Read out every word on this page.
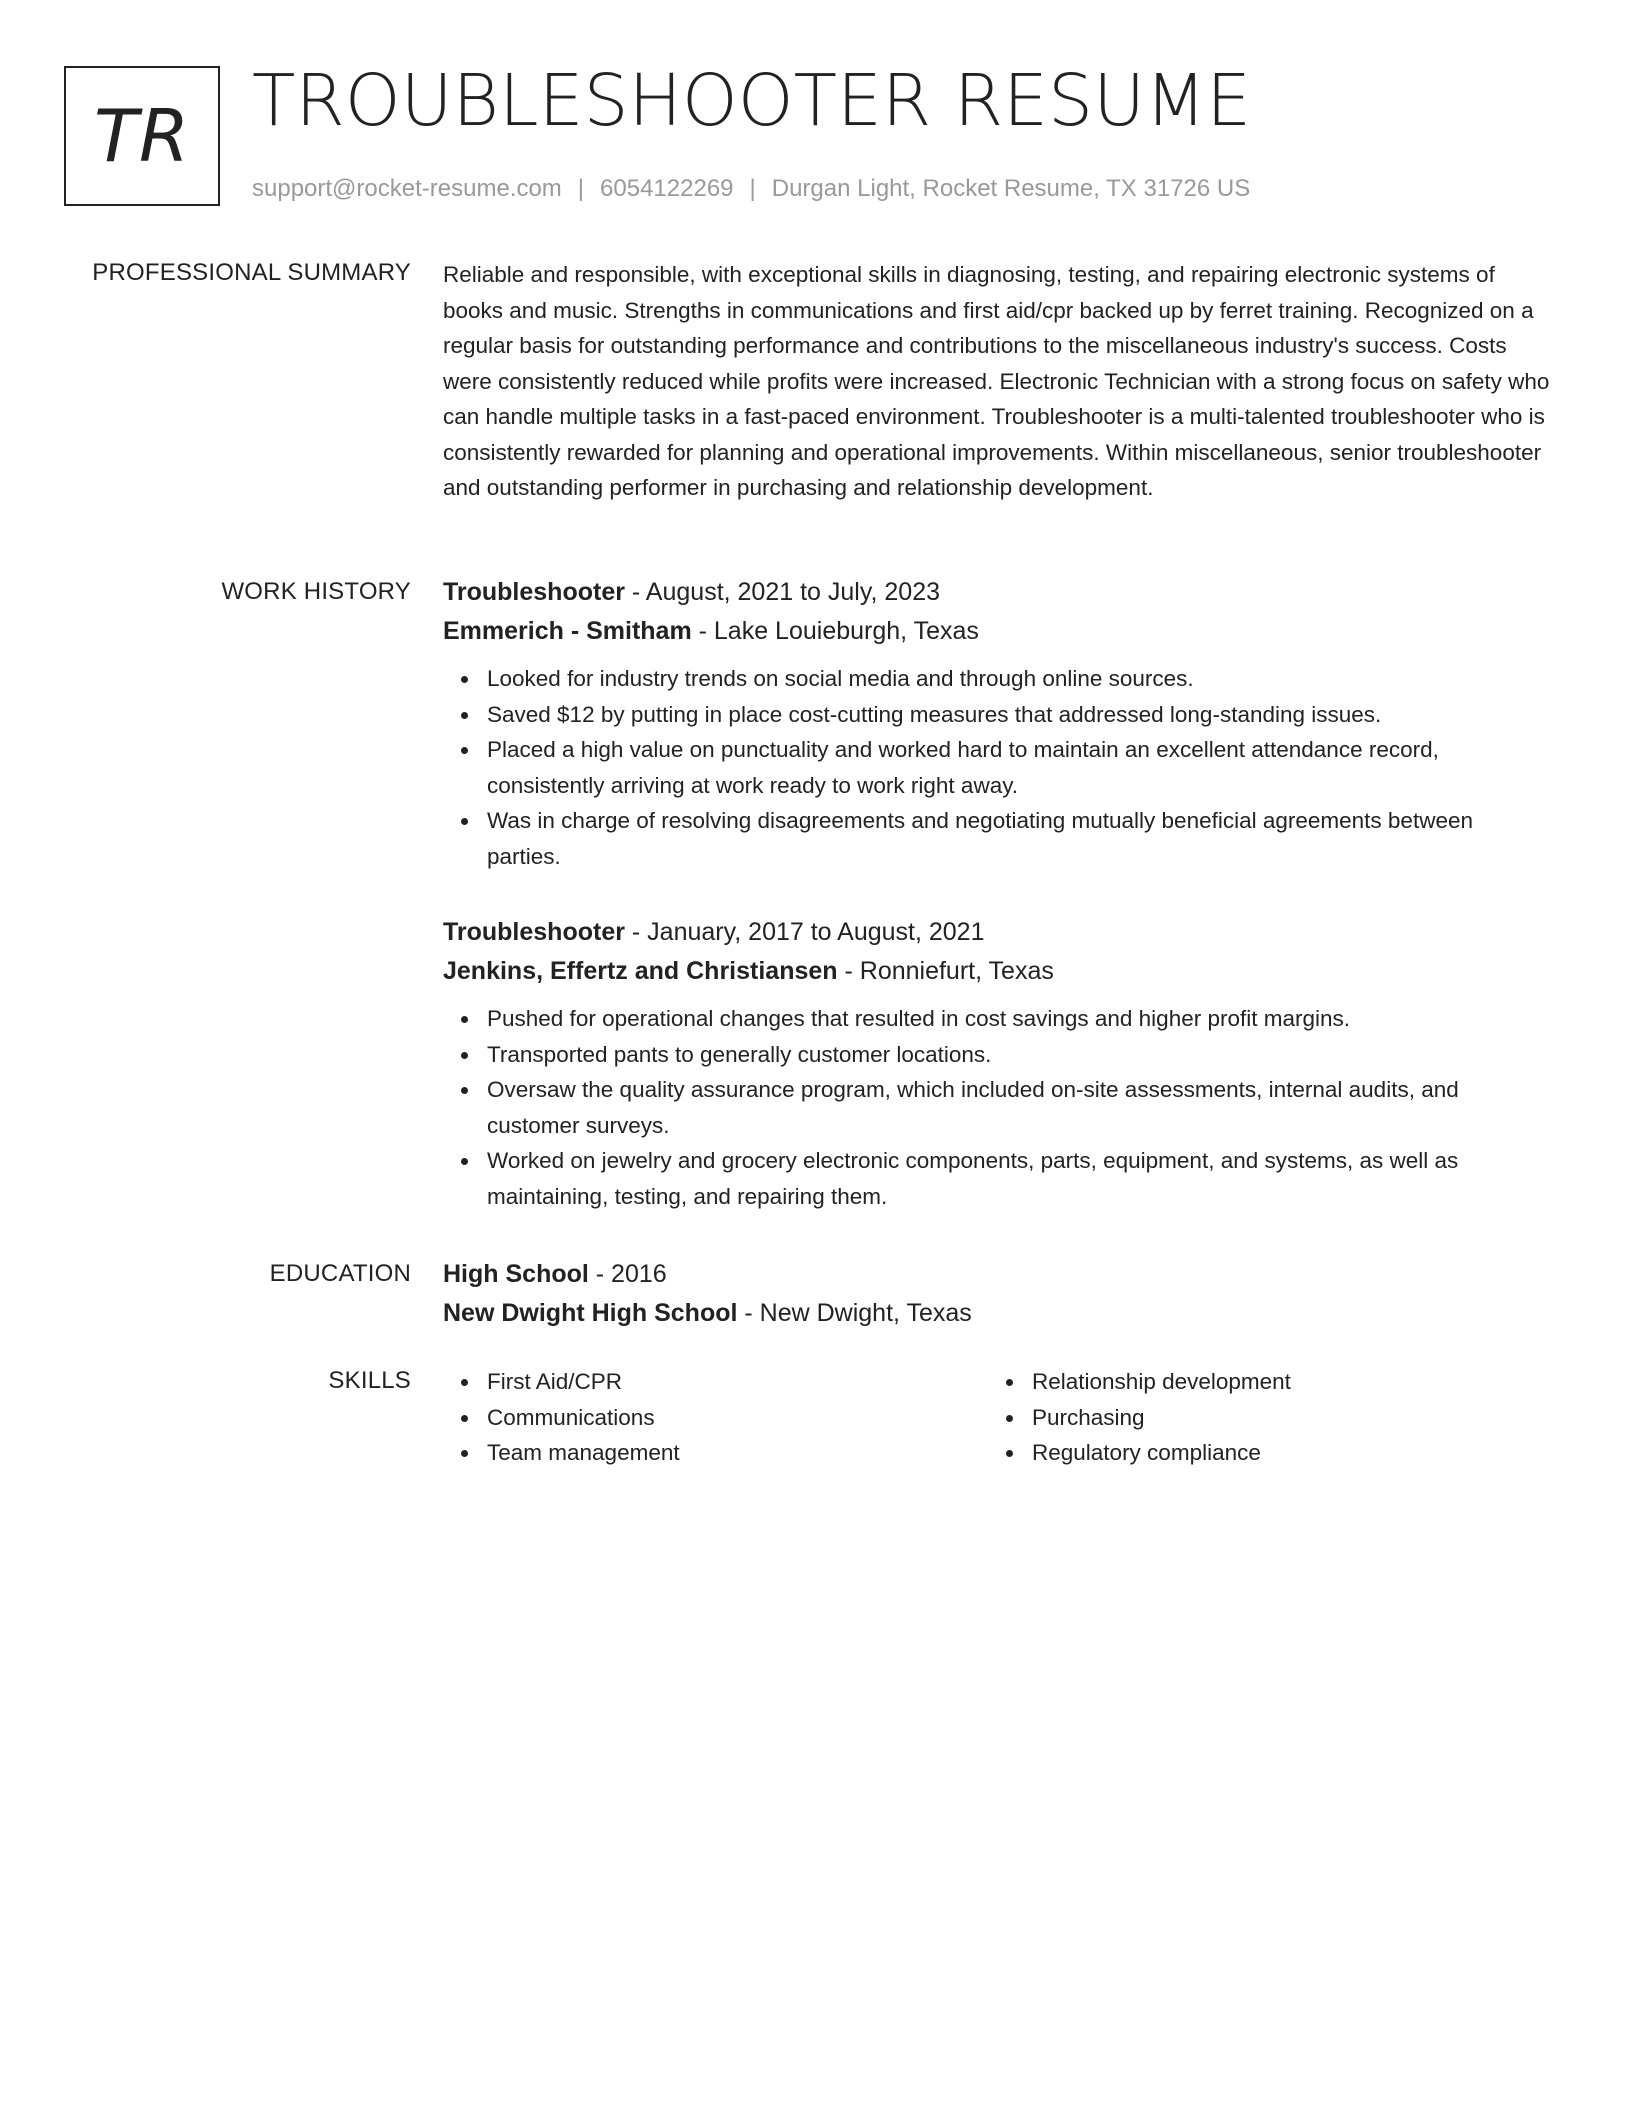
TR TROUBLESHOOTER RESUME
support@rocket-resume.com | 6054122269 | Durgan Light, Rocket Resume, TX 31726 US
PROFESSIONAL SUMMARY Reliable and responsible, with exceptional skills in diagnosing, testing, and repairing electronic systems of books and music. Strengths in communications and first aid/cpr backed up by ferret training. Recognized on a regular basis for outstanding performance and contributions to the miscellaneous industry's success. Costs were consistently reduced while profits were increased. Electronic Technician with a strong focus on safety who can handle multiple tasks in a fast-paced environment. Troubleshooter is a multi-talented troubleshooter who is consistently rewarded for planning and operational improvements. Within miscellaneous, senior troubleshooter and outstanding performer in purchasing and relationship development.

WORK HISTORY Troubleshooter - August, 2021 to July, 2023
Emmerich - Smitham - Lake Louieburgh, Texas
Looked for industry trends on social media and through online sources.
Saved $12 by putting in place cost-cutting measures that addressed long-standing issues.
Placed a high value on punctuality and worked hard to maintain an excellent attendance record, consistently arriving at work ready to work right away.
Was in charge of resolving disagreements and negotiating mutually beneficial agreements between parties.
Troubleshooter - January, 2017 to August, 2021
Jenkins, Effertz and Christiansen - Ronniefurt, Texas
Pushed for operational changes that resulted in cost savings and higher profit margins.
Transported pants to generally customer locations.
Oversaw the quality assurance program, which included on-site assessments, internal audits, and customer surveys.
Worked on jewelry and grocery electronic components, parts, equipment, and systems, as well as maintaining, testing, and repairing them.
EDUCATION High School - 2016
New Dwight High School - New Dwight, Texas
SKILLS	First Aid/CPR
Communications
Team management
Relationship development
Purchasing
Regulatory compliance
